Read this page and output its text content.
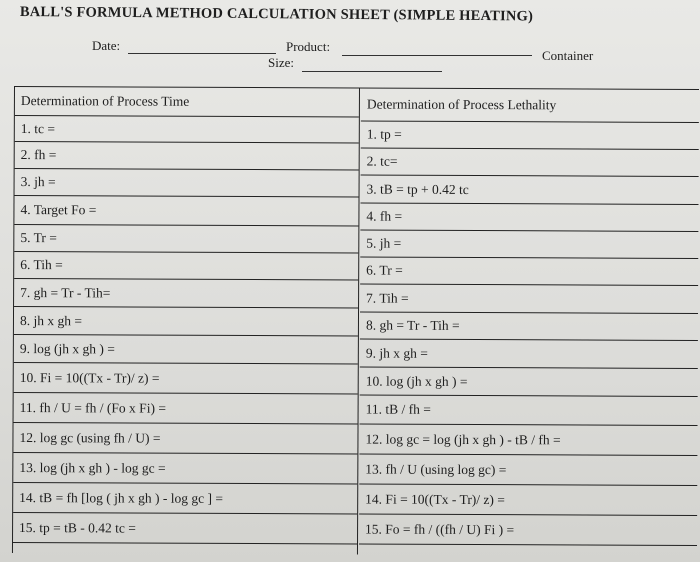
BALL'S FORMULA METHOD CALCULATION SHEET (SIMPLE HEATING)
Date:	Product:
Container
Size:
Determination of Process Time
1. tc =
2. fh =
3. jh =
4. Target Fo =
5. Tr =
6. Tih =
7. gh = Tr - Tih=
8. jh x gh =
9. log (jh x gh ) =
10. Fi = 10((Tx - Tr)/ z) =
11. fh / U = fh / (Fo x Fi) =
12. log gc (using fh / U) =
13. log (jh x gh ) - log gc =
14. tB = fh [log ( jh x gh ) - log gc ] =
15. tp = tB - 0.42 tc =
Determination of Process Lethality
1. tp =
2. tc=
3. tB = tp + 0.42 tc
4. fh =
5. jh =
6. Tr =
7. Tih =
8. gh = Tr - Tih =
9. jh x gh =
10. log (jh x gh ) =
11. tB / fh =
12. log gc = log (jh x gh ) - tB / fh =
13. fh / U (using log gc) =
14. Fi = 10((Tx - Tr)/ z) =
15. Fo = fh / ((fh / U) Fi ) =
